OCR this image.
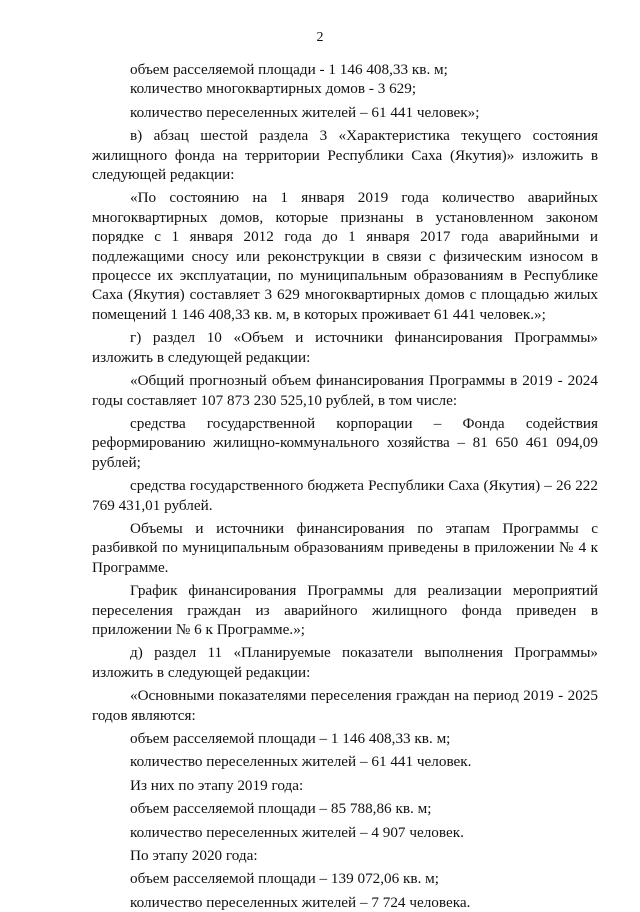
2

объем расселяемой площади - 1 146 408,33 кв. м;

количество многоквартирных домов - 3 629;

количество переселенных жителей – 61 441 человек»;

в) абзац шестой раздела 3 «Характеристика текущего состояния жилищного фонда на территории Республики Саха (Якутия)» изложить в следующей редакции:

«По состоянию на 1 января 2019 года количество аварийных многоквартирных домов, которые признаны в установленном законом порядке с 1 января 2012 года до 1 января 2017 года аварийными и подлежащими сносу или реконструкции в связи с физическим износом в процессе их эксплуатации, по муниципальным образованиям в Республике Саха (Якутия) составляет 3 629 многоквартирных домов с площадью жилых помещений 1 146 408,33 кв. м, в которых проживает 61 441 человек.»;

г) раздел 10 «Объем и источники финансирования Программы» изложить в следующей редакции:

«Общий прогнозный объем финансирования Программы в 2019 - 2024 годы составляет 107 873 230 525,10 рублей, в том числе:

средства государственной корпорации – Фонда содействия реформированию жилищно-коммунального хозяйства – 81 650 461 094,09 рублей;

средства государственного бюджета Республики Саха (Якутия) – 26 222 769 431,01 рублей.

Объемы и источники финансирования по этапам Программы с разбивкой по муниципальным образованиям приведены в приложении № 4 к Программе.

График финансирования Программы для реализации мероприятий переселения граждан из аварийного жилищного фонда приведен в приложении № 6 к Программе.»;

д) раздел 11 «Планируемые показатели выполнения Программы» изложить в следующей редакции:

«Основными показателями переселения граждан на период 2019 - 2025 годов являются:

объем расселяемой площади – 1 146 408,33 кв. м;

количество переселенных жителей – 61 441 человек.

Из них по этапу 2019 года:

объем расселяемой площади – 85 788,86 кв. м;

количество переселенных жителей – 4 907 человек.

По этапу 2020 года:

объем расселяемой площади – 139 072,06 кв. м;

количество переселенных жителей – 7 724 человека.
